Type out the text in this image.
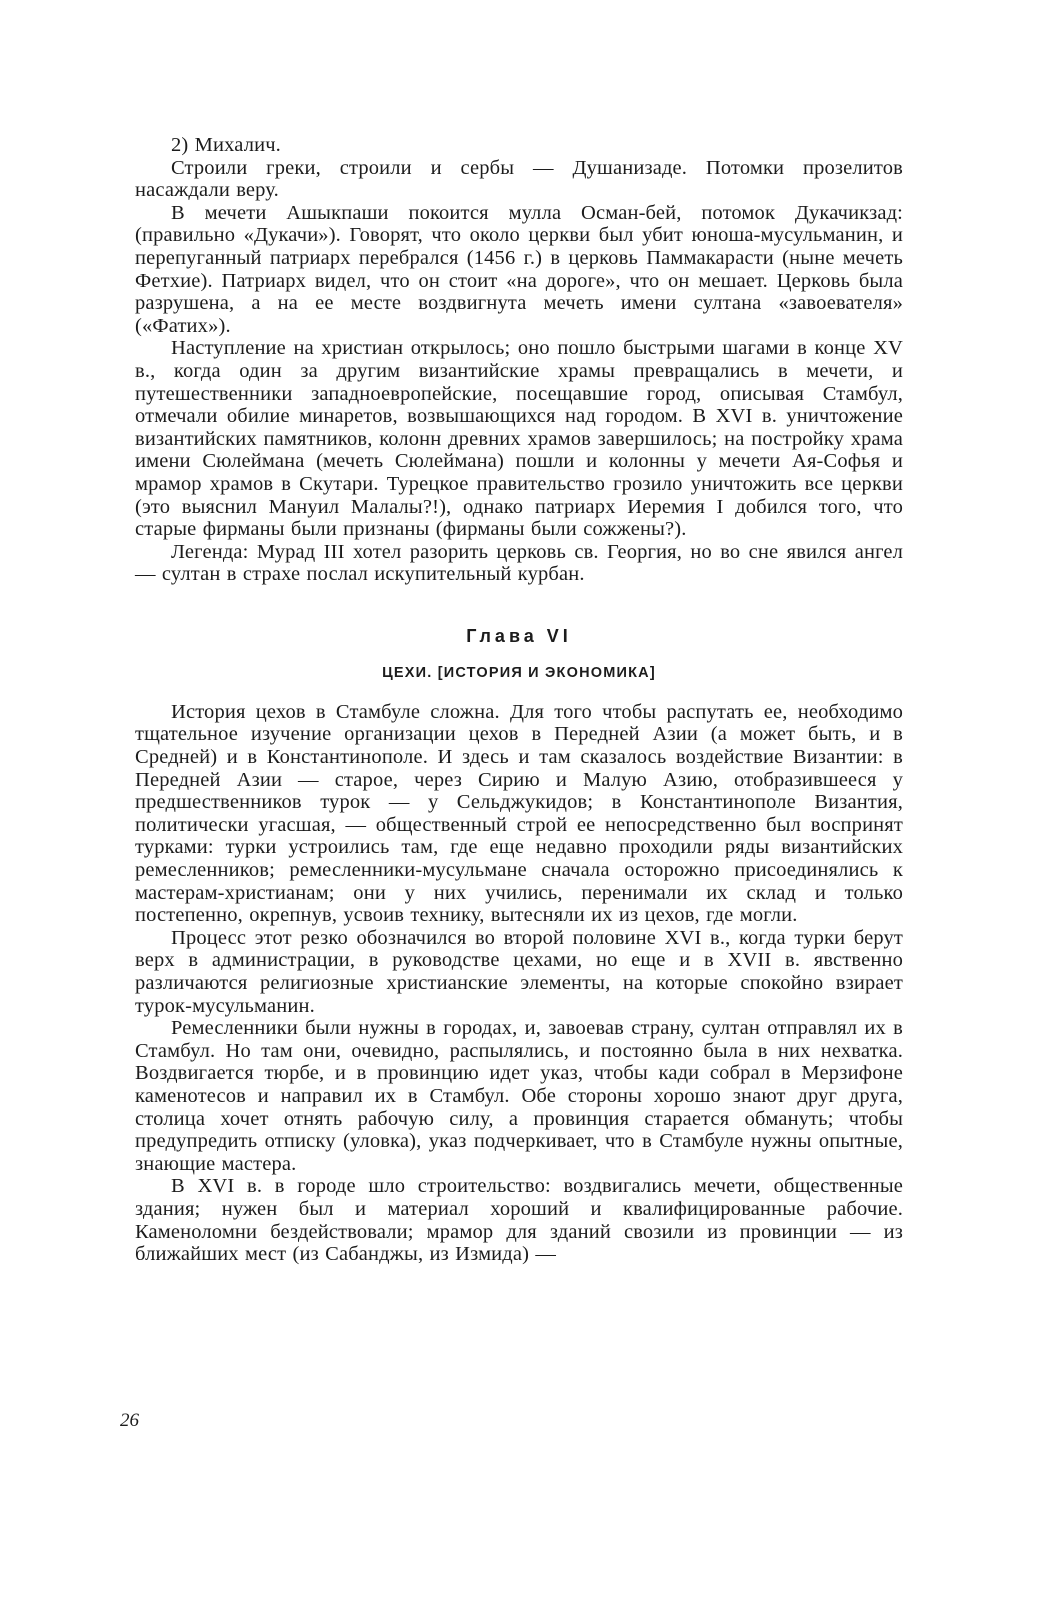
2) Михалич.

Строили греки, строили и сербы — Душанизаде. Потомки прозелитов насаждали веру.

В мечети Ашыкпаши покоится мулла Осман-бей, потомок Дукачикзад: (правильно «Дукачи»). Говорят, что около церкви был убит юноша-мусульманин, и перепуганный патриарх перебрался (1456 г.) в церковь Паммакарасти (ныне мечеть Фетхие). Патриарх видел, что он стоит «на дороге», что он мешает. Церковь была разрушена, а на ее месте воздвигнута мечеть имени султана «завоевателя» («Фатих»).

Наступление на христиан открылось; оно пошло быстрыми шагами в конце XV в., когда один за другим византийские храмы превращались в мечети, и путешественники западноевропейские, посещавшие город, описывая Стамбул, отмечали обилие минаретов, возвышающихся над городом. В XVI в. уничтожение византийских памятников, колонн древних храмов завершилось; на постройку храма имени Сюлеймана (мечеть Сюлеймана) пошли и колонны у мечети Ая-Софья и мрамор храмов в Скутари. Турецкое правительство грозило уничтожить все церкви (это выяснил Мануил Малалы?!), однако патриарх Иеремия I добился того, что старые фирманы были признаны (фирманы были сожжены?).

Легенда: Мурад III хотел разорить церковь св. Георгия, но во сне явился ангел — султан в страхе послал искупительный курбан.

Глава VI
ЦЕХИ. [ИСТОРИЯ И ЭКОНОМИКА]

История цехов в Стамбуле сложна. Для того чтобы распутать ее, необходимо тщательное изучение организации цехов в Передней Азии (а может быть, и в Средней) и в Константинополе. И здесь и там сказалось воздействие Византии: в Передней Азии — старое, через Сирию и Малую Азию, отобразившееся у предшественников турок — у Сельджукидов; в Константинополе Византия, политически угасшая, — общественный строй ее непосредственно был воспринят турками: турки устроились там, где еще недавно проходили ряды византийских ремесленников; ремесленники-мусульмане сначала осторожно присоединялись к мастерам-христианам; они у них учились, перенимали их склад и только постепенно, окрепнув, усвоив технику, вытесняли их из цехов, где могли.

Процесс этот резко обозначился во второй половине XVI в., когда турки берут верх в администрации, в руководстве цехами, но еще и в XVII в. явственно различаются религиозные христианские элементы, на которые спокойно взирает турок-мусульманин.

Ремесленники были нужны в городах, и, завоевав страну, султан отправлял их в Стамбул. Но там они, очевидно, распылялись, и постоянно была в них нехватка. Воздвигается тюрбе, и в провинцию идет указ, чтобы кади собрал в Мерзифоне каменотесов и направил их в Стамбул. Обе стороны хорошо знают друг друга, столица хочет отнять рабочую силу, а провинция старается обмануть; чтобы предупредить отписку (уловка), указ подчеркивает, что в Стамбуле нужны опытные, знающие мастера.

В XVI в. в городе шло строительство: воздвигались мечети, общественные здания; нужен был и материал хороший и квалифицированные рабочие. Каменоломни бездействовали; мрамор для зданий свозили из провинции — из ближайших мест (из Сабанджы, из Измида) —

26
